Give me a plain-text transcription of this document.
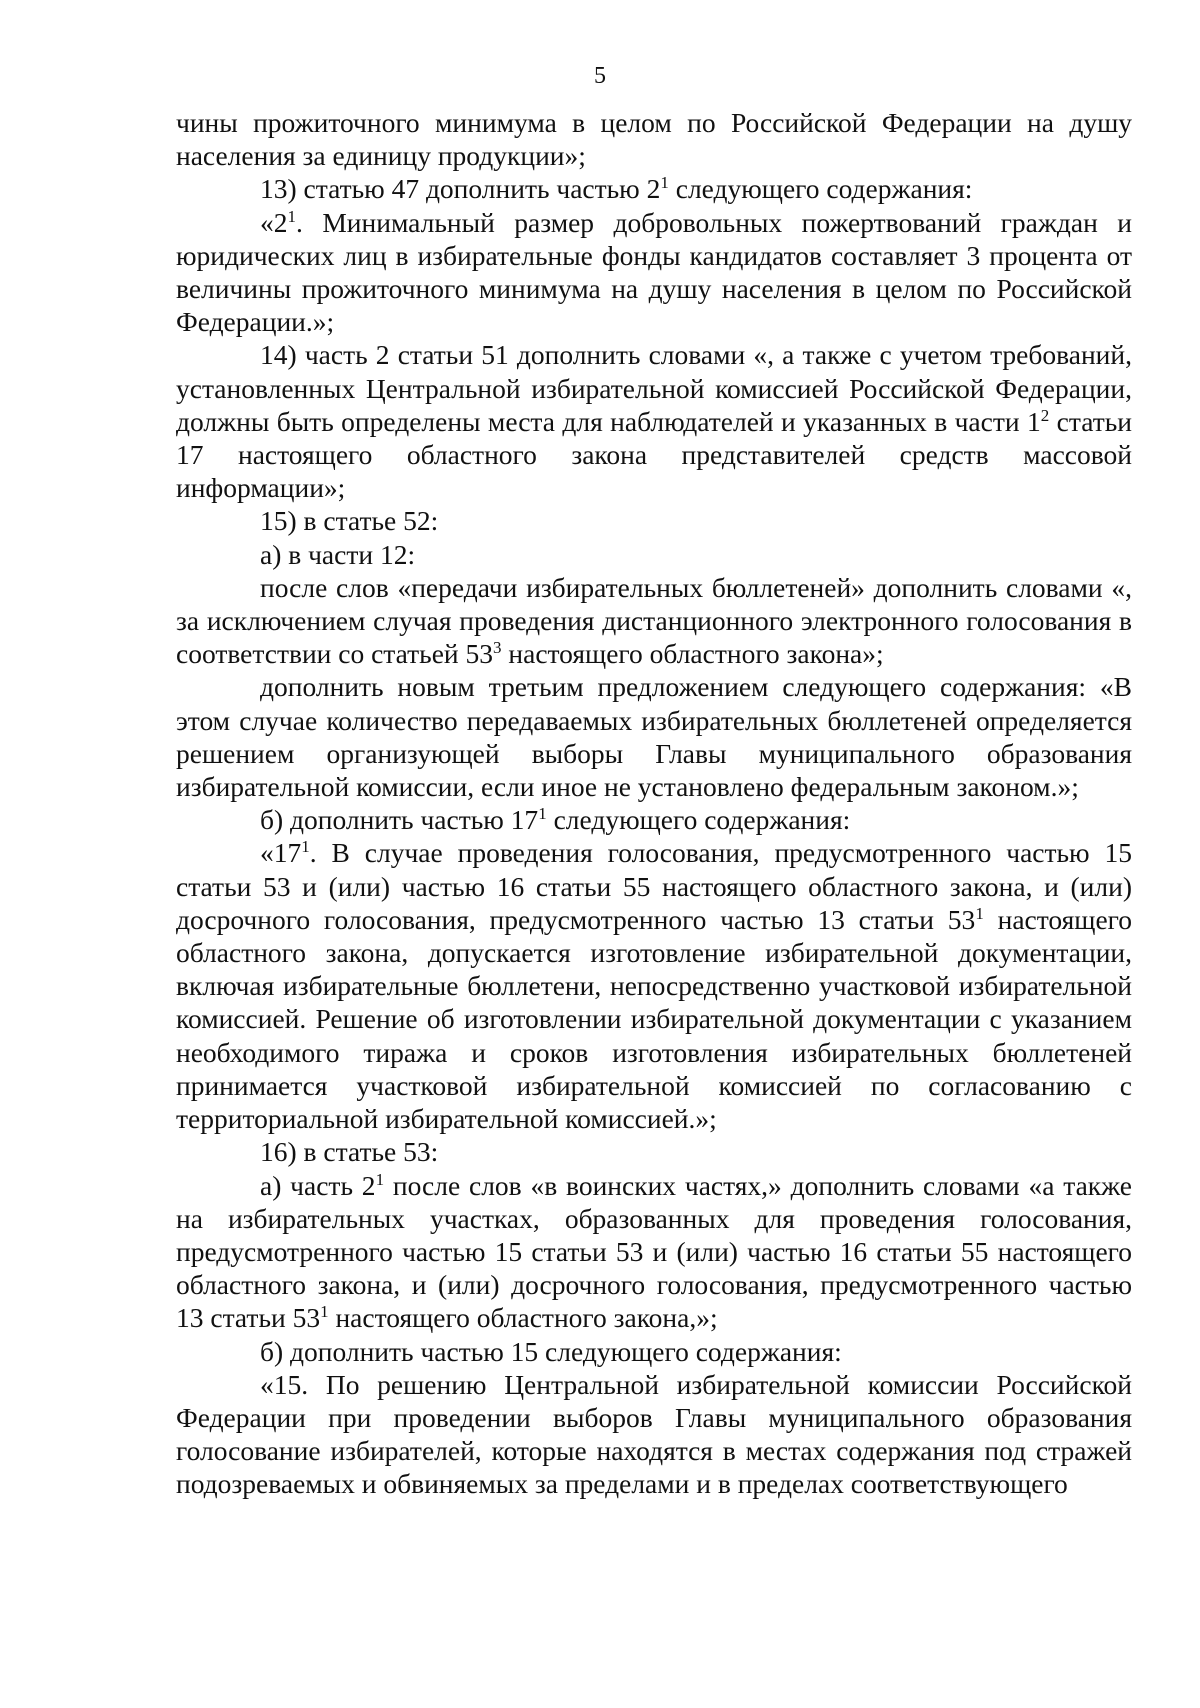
5

чины прожиточного минимума в целом по Российской Федерации на душу населения за единицу продукции»;

13) статью 47 дополнить частью $2^1$ следующего содержания:

«$2^1$. Минимальный размер добровольных пожертвований граждан и юридических лиц в избирательные фонды кандидатов составляет 3 процента от величины прожиточного минимума на душу населения в целом по Российской Федерации.»;

14) часть 2 статьи 51 дополнить словами «, а также с учетом требований, установленных Центральной избирательной комиссией Российской Федерации, должны быть определены места для наблюдателей и указанных в части $1^2$ статьи 17 настоящего областного закона представителей средств массовой информации»;

15) в статье 52:

а) в части 12:

после слов «передачи избирательных бюллетеней» дополнить словами «, за исключением случая проведения дистанционного электронного голосования в соответствии со статьей $53^3$ настоящего областного закона»;

дополнить новым третьим предложением следующего содержания: «В этом случае количество передаваемых избирательных бюллетеней определяется решением организующей выборы Главы муниципального образования избирательной комиссии, если иное не установлено федеральным законом.»;

б) дополнить частью $17^1$ следующего содержания:

«$17^1$. В случае проведения голосования, предусмотренного частью 15 статьи 53 и (или) частью 16 статьи 55 настоящего областного закона, и (или) досрочного голосования, предусмотренного частью 13 статьи $53^1$ настоящего областного закона, допускается изготовление избирательной документации, включая избирательные бюллетени, непосредственно участковой избирательной комиссией. Решение об изготовлении избирательной документации с указанием необходимого тиража и сроков изготовления избирательных бюллетеней принимается участковой избирательной комиссией по согласованию с территориальной избирательной комиссией.»;

16) в статье 53:

а) часть $2^1$ после слов «в воинских частях,» дополнить словами «а также на избирательных участках, образованных для проведения голосования, предусмотренного частью 15 статьи 53 и (или) частью 16 статьи 55 настоящего областного закона, и (или) досрочного голосования, предусмотренного частью 13 статьи $53^1$ настоящего областного закона,»;

б) дополнить частью 15 следующего содержания:

«15. По решению Центральной избирательной комиссии Российской Федерации при проведении выборов Главы муниципального образования голосование избирателей, которые находятся в местах содержания под стражей подозреваемых и обвиняемых за пределами и в пределах соответствующего
